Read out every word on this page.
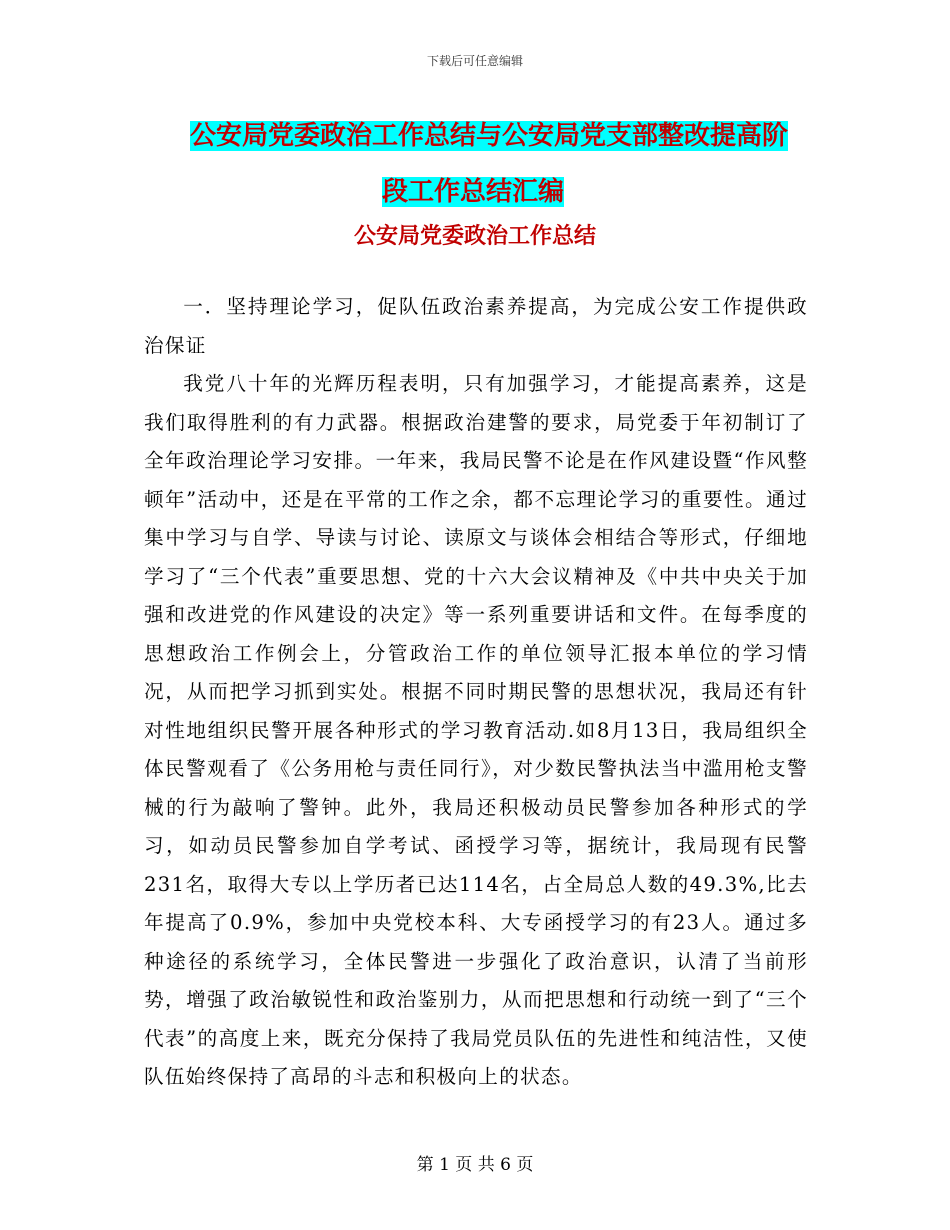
下载后可任意编辑
公安局党委政治工作总结与公安局党支部整改提高阶
段工作总结汇编
公安局党委政治工作总结

一．坚持理论学习，促队伍政治素养提高，为完成公安工作提供政治保证

我党八十年的光辉历程表明，只有加强学习，才能提高素养，这是我们取得胜利的有力武器。根据政治建警的要求，局党委于年初制订了全年政治理论学习安排。一年来，我局民警不论是在作风建设暨“作风整顿年”活动中，还是在平常的工作之余，都不忘理论学习的重要性。通过集中学习与自学、导读与讨论、读原文与谈体会相结合等形式，仔细地学习了“三个代表”重要思想、党的十六大会议精神及《中共中央关于加强和改进党的作风建设的决定》等一系列重要讲话和文件。在每季度的思想政治工作例会上，分管政治工作的单位领导汇报本单位的学习情况，从而把学习抓到实处。根据不同时期民警的思想状况，我局还有针对性地组织民警开展各种形式的学习教育活动.如8月13日，我局组织全体民警观看了《公务用枪与责任同行》，对少数民警执法当中滥用枪支警械的行为敲响了警钟。此外，我局还积极动员民警参加各种形式的学习，如动员民警参加自学考试、函授学习等，据统计，我局现有民警231名，取得大专以上学历者已达114名，占全局总人数的49.3%,比去年提高了0.9%，参加中央党校本科、大专函授学习的有23人。通过多种途径的系统学习，全体民警进一步强化了政治意识，认清了当前形势，增强了政治敏锐性和政治鉴别力，从而把思想和行动统一到了“三个代表”的高度上来，既充分保持了我局党员队伍的先进性和纯洁性，又使队伍始终保持了高昂的斗志和积极向上的状态。

第 1 页 共 6 页
